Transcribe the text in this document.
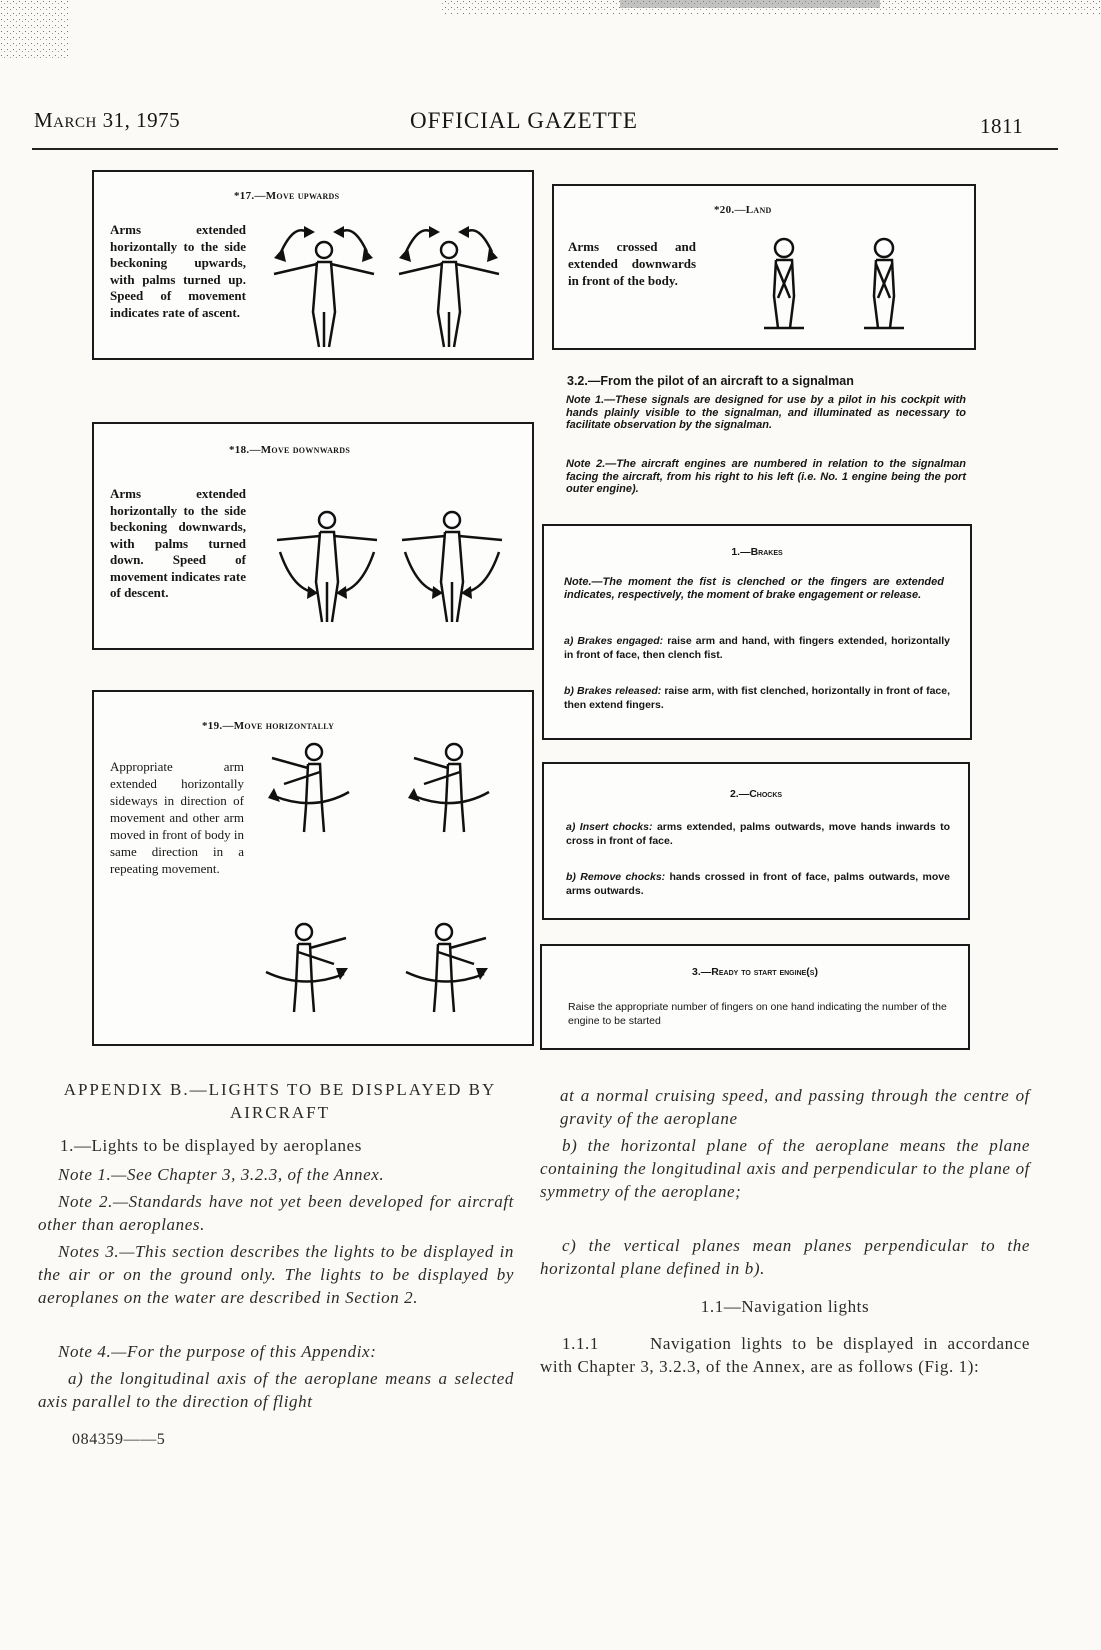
March 31, 1975	OFFICIAL GAZETTE	1811
*17.—Move upwards
Arms extended horizontally to the side beckoning upwards, with palms turned up. Speed of movement indicates rate of ascent.
*18.—Move downwards
Arms extended horizontally to the side beckoning downwards, with palms turned down. Speed of movement indicates rate of descent.
*19.—Move horizontally
Appropriate arm extended horizontally sideways in direction of movement and other arm moved in front of body in same direction in a repeating movement.
*20.—Land
Arms crossed and extended downwards in front of the body.
3.2.—From the pilot of an aircraft to a signalman
Note 1.—These signals are designed for use by a pilot in his cockpit with hands plainly visible to the signalman, and illuminated as necessary to facilitate observation by the signalman.
Note 2.—The aircraft engines are numbered in relation to the signalman facing the aircraft, from his right to his left (i.e. No. 1 engine being the port outer engine).
1.—Brakes
Note.—The moment the fist is clenched or the fingers are extended indicates, respectively, the moment of brake engagement or release.
a) Brakes engaged: raise arm and hand, with fingers extended, horizontally in front of face, then clench fist.
b) Brakes released: raise arm, with fist clenched, horizontally in front of face, then extend fingers.
2.—Chocks
a) Insert chocks: arms extended, palms outwards, move hands inwards to cross in front of face.
b) Remove chocks: hands crossed in front of face, palms outwards, move arms outwards.
3.—Ready to start engine(s)
Raise the appropriate number of fingers on one hand indicating the number of the engine to be started
APPENDIX B.—LIGHTS TO BE DISPLAYED BY AIRCRAFT
1.—Lights to be displayed by aeroplanes
Note 1.—See Chapter 3, 3.2.3, of the Annex.
Note 2.—Standards have not yet been developed for aircraft other than aeroplanes.
Notes 3.—This section describes the lights to be displayed in the air or on the ground only. The lights to be displayed by aeroplanes on the water are described in Section 2.
Note 4.—For the purpose of this Appendix:
a) the longitudinal axis of the aeroplane means a selected axis parallel to the direction of flight
084359——5
at a normal cruising speed, and passing through the centre of gravity of the aeroplane
b) the horizontal plane of the aeroplane means the plane containing the longitudinal axis and perpendicular to the plane of symmetry of the aeroplane;
c) the vertical planes mean planes perpendicular to the horizontal plane defined in b).
1.1—Navigation lights
1.1.1	Navigation lights to be displayed in accordance with Chapter 3, 3.2.3, of the Annex, are as follows (Fig. 1):
